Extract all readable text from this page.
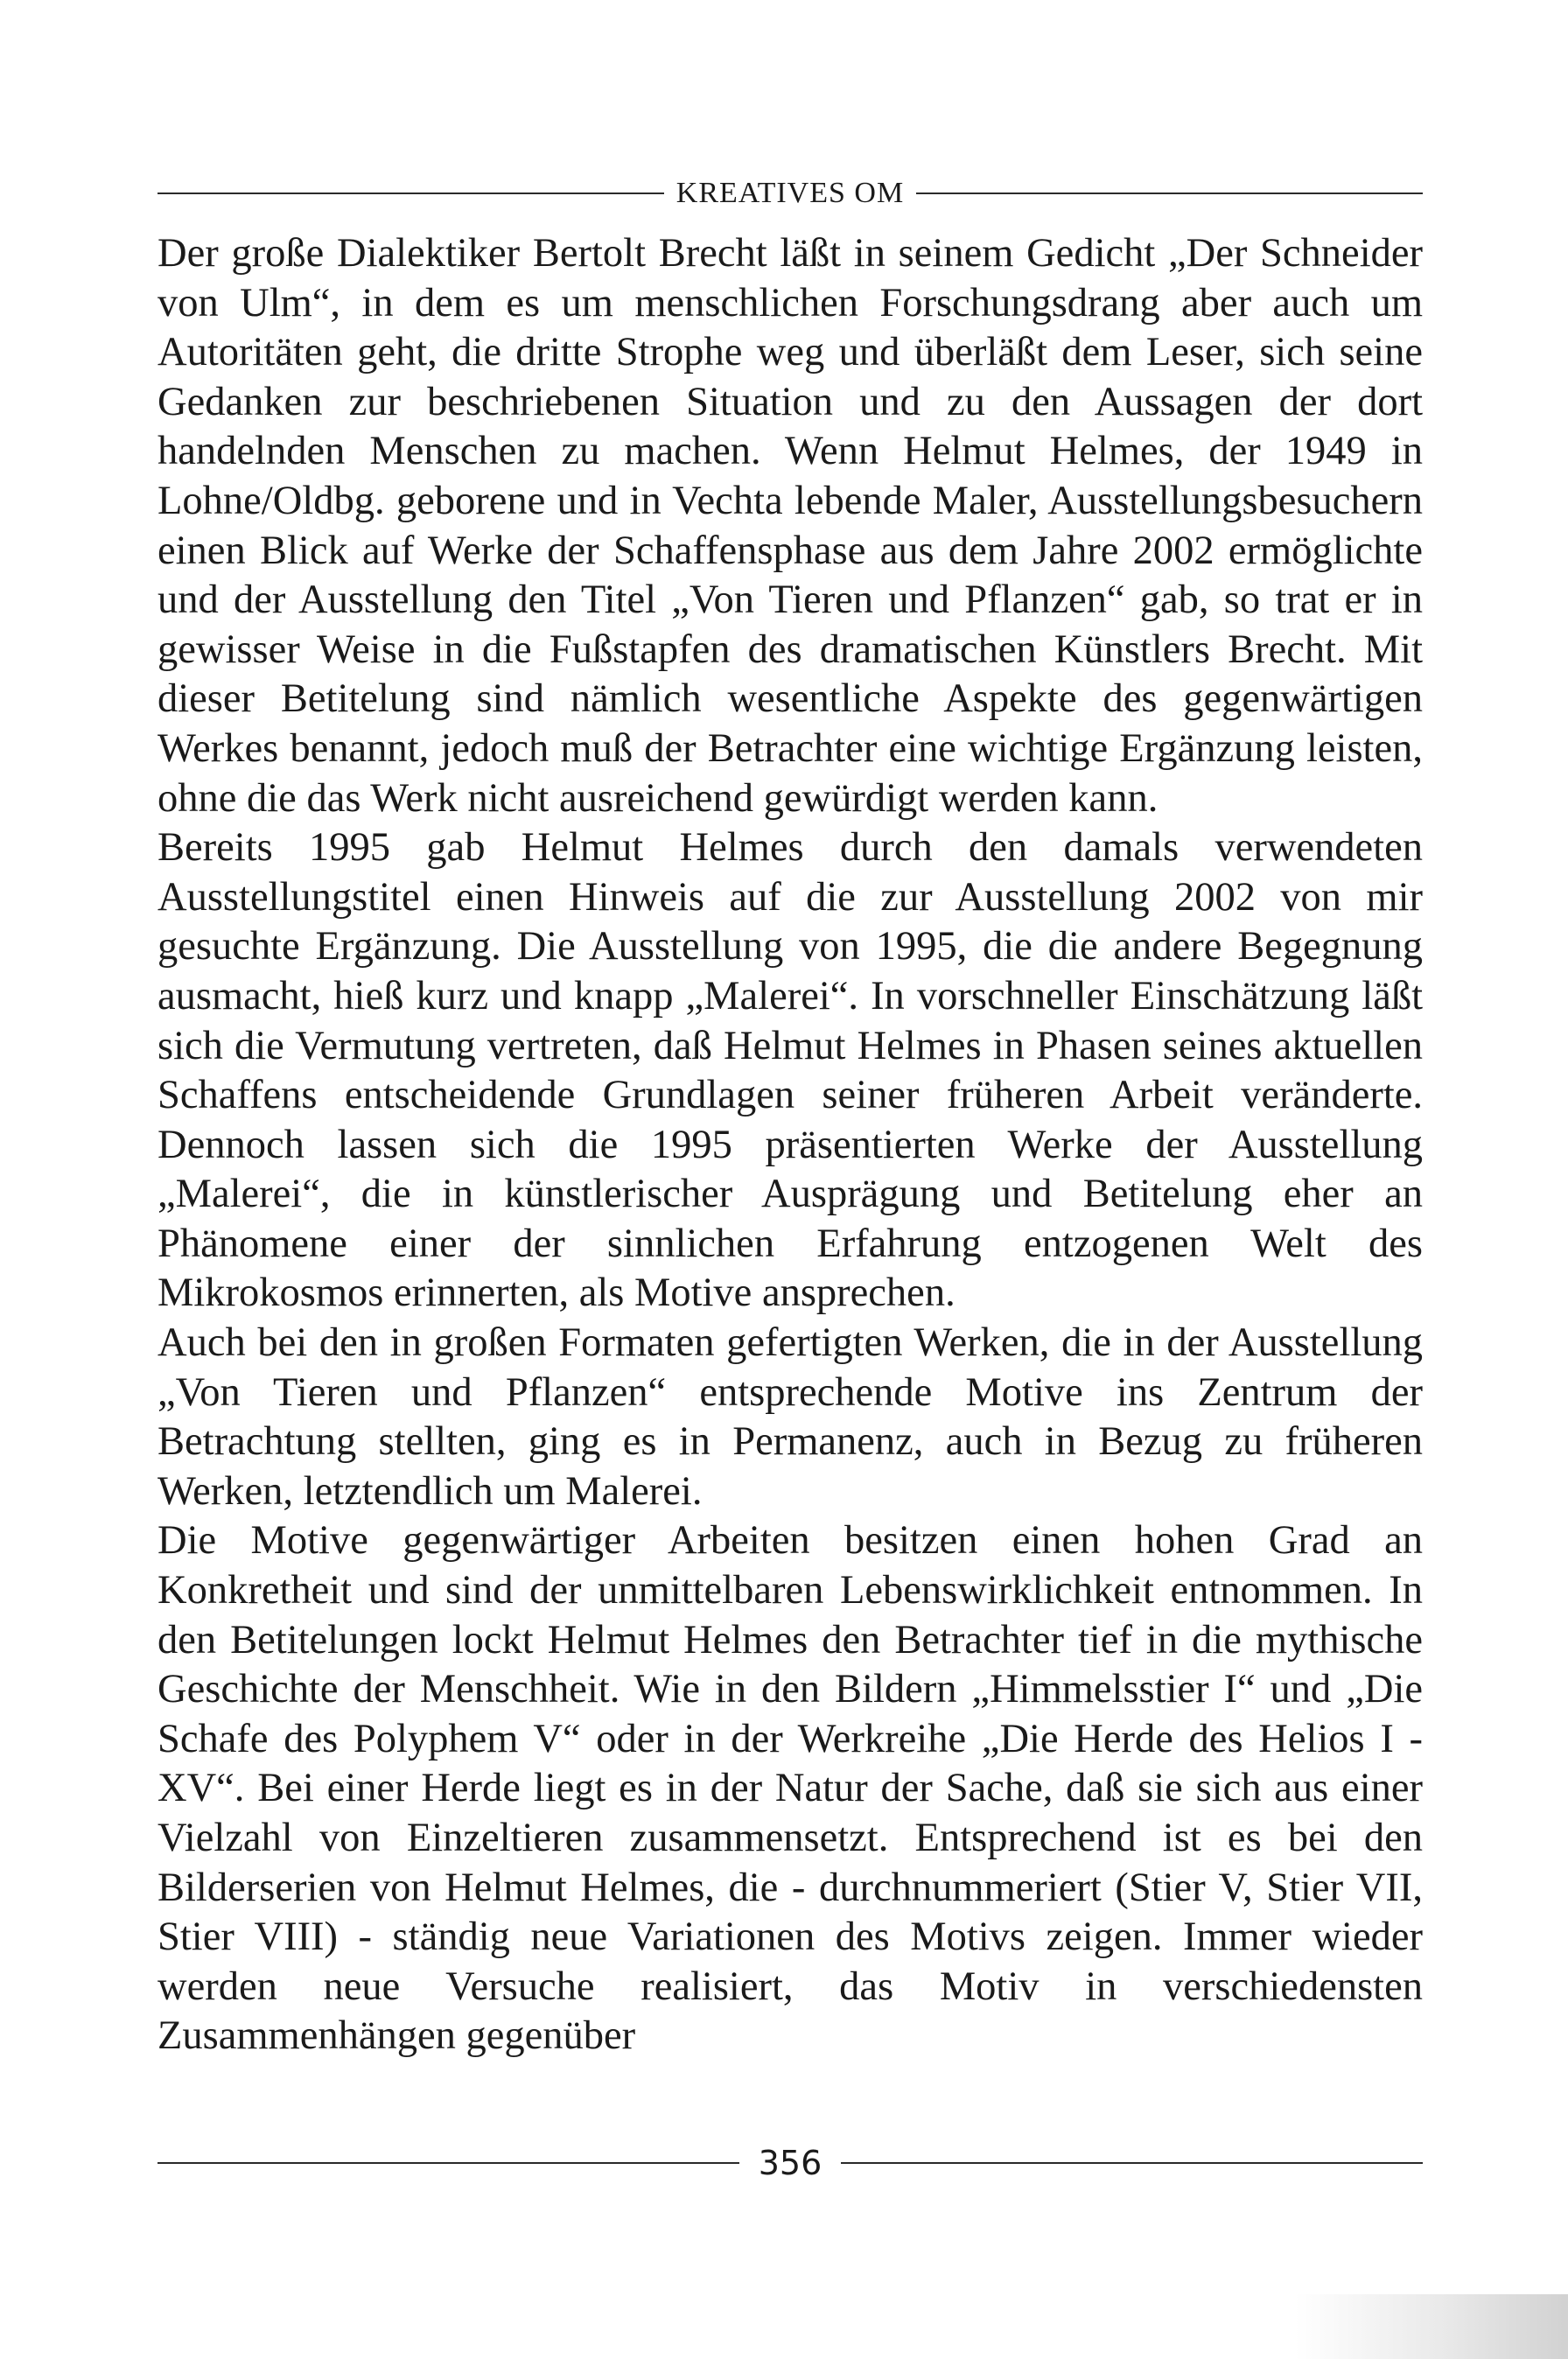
KREATIVES OM

Der große Dialektiker Bertolt Brecht läßt in seinem Gedicht „Der Schneider von Ulm“, in dem es um menschlichen Forschungsdrang aber auch um Autoritäten geht, die dritte Strophe weg und überläßt dem Leser, sich seine Gedanken zur beschriebenen Situation und zu den Aussagen der dort handelnden Menschen zu machen. Wenn Helmut Helmes, der 1949 in Lohne/Oldbg. geborene und in Vechta lebende Maler, Ausstellungsbesuchern einen Blick auf Werke der Schaffensphase aus dem Jahre 2002 ermöglichte und der Ausstellung den Titel „Von Tieren und Pflanzen“ gab, so trat er in gewisser Weise in die Fußstapfen des dramatischen Künstlers Brecht. Mit dieser Betitelung sind nämlich wesentliche Aspekte des gegenwärtigen Werkes benannt, jedoch muß der Betrachter eine wichtige Ergänzung leisten, ohne die das Werk nicht ausreichend gewürdigt werden kann.

Bereits 1995 gab Helmut Helmes durch den damals verwendeten Ausstellungstitel einen Hinweis auf die zur Ausstellung 2002 von mir gesuchte Ergänzung. Die Ausstellung von 1995, die die andere Begegnung ausmacht, hieß kurz und knapp „Malerei“. In vorschneller Einschätzung läßt sich die Vermutung vertreten, daß Helmut Helmes in Phasen seines aktuellen Schaffens entscheidende Grundlagen seiner früheren Arbeit veränderte. Dennoch lassen sich die 1995 präsentierten Werke der Ausstellung „Malerei“, die in künstlerischer Ausprägung und Betitelung eher an Phänomene einer der sinnlichen Erfahrung entzogenen Welt des Mikrokosmos erinnerten, als Motive ansprechen.

Auch bei den in großen Formaten gefertigten Werken, die in der Ausstellung „Von Tieren und Pflanzen“ entsprechende Motive ins Zentrum der Betrachtung stellten, ging es in Permanenz, auch in Bezug zu früheren Werken, letztendlich um Malerei.

Die Motive gegenwärtiger Arbeiten besitzen einen hohen Grad an Konkretheit und sind der unmittelbaren Lebenswirklichkeit entnommen. In den Betitelungen lockt Helmut Helmes den Betrachter tief in die mythische Geschichte der Menschheit. Wie in den Bildern „Himmelsstier I“ und „Die Schafe des Polyphem V“ oder in der Werkreihe „Die Herde des Helios I - XV“. Bei einer Herde liegt es in der Natur der Sache, daß sie sich aus einer Vielzahl von Einzeltieren zusammensetzt. Entsprechend ist es bei den Bilderserien von Helmut Helmes, die - durchnummeriert (Stier V, Stier VII, Stier VIII) - ständig neue Variationen des Motivs zeigen. Immer wieder werden neue Versuche realisiert, das Motiv in verschiedensten Zusammenhängen gegenüber

356
